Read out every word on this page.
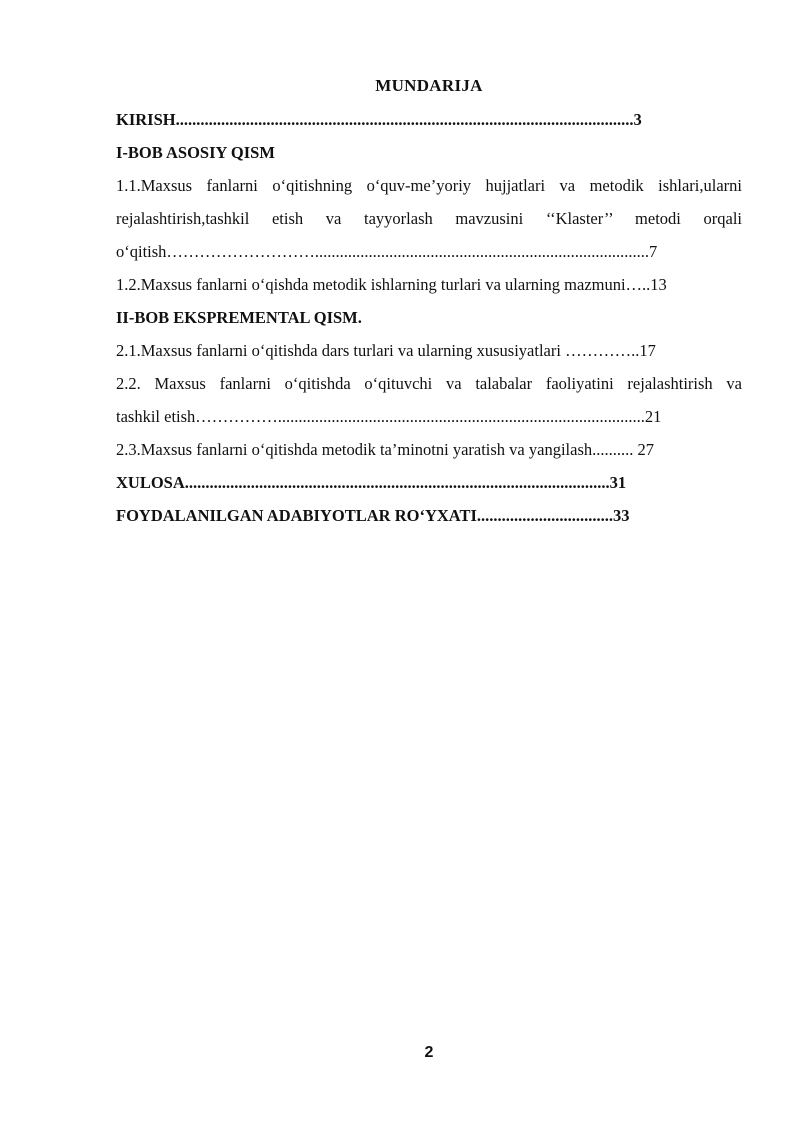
MUNDARIJA
KIRISH...............................................................................................................3
I-BOB ASOSIY QISM
1.1.Maxsus fanlarni o‘qitishning o‘quv-me’yoriy hujjatlari va metodik ishlari,ularni
rejalashtirish,tashkil etish va tayyorlash mavzusini ‘‘Klaster’’ metodi orqali
o‘qitish……………………….................................................................................7
1.2.Maxsus fanlarni o‘qishda metodik ishlarning turlari va ularning mazmuni…..13
II-BOB EKSPREMENTAL QISM.
2.1.Maxsus fanlarni o‘qitishda dars turlari va ularning xususiyatlari …………..17
2.2. Maxsus fanlarni o‘qitishda o‘qituvchi va talabalar faoliyatini rejalashtirish va
tashkil etish…………….........................................................................................21
2.3.Maxsus fanlarni o‘qitishda metodik ta’minotni yaratish va yangilash.......... 27
XULOSA.......................................................................................................31
FOYDALANILGAN ADABIYOTLAR RO‘YXATI.................................33
2
